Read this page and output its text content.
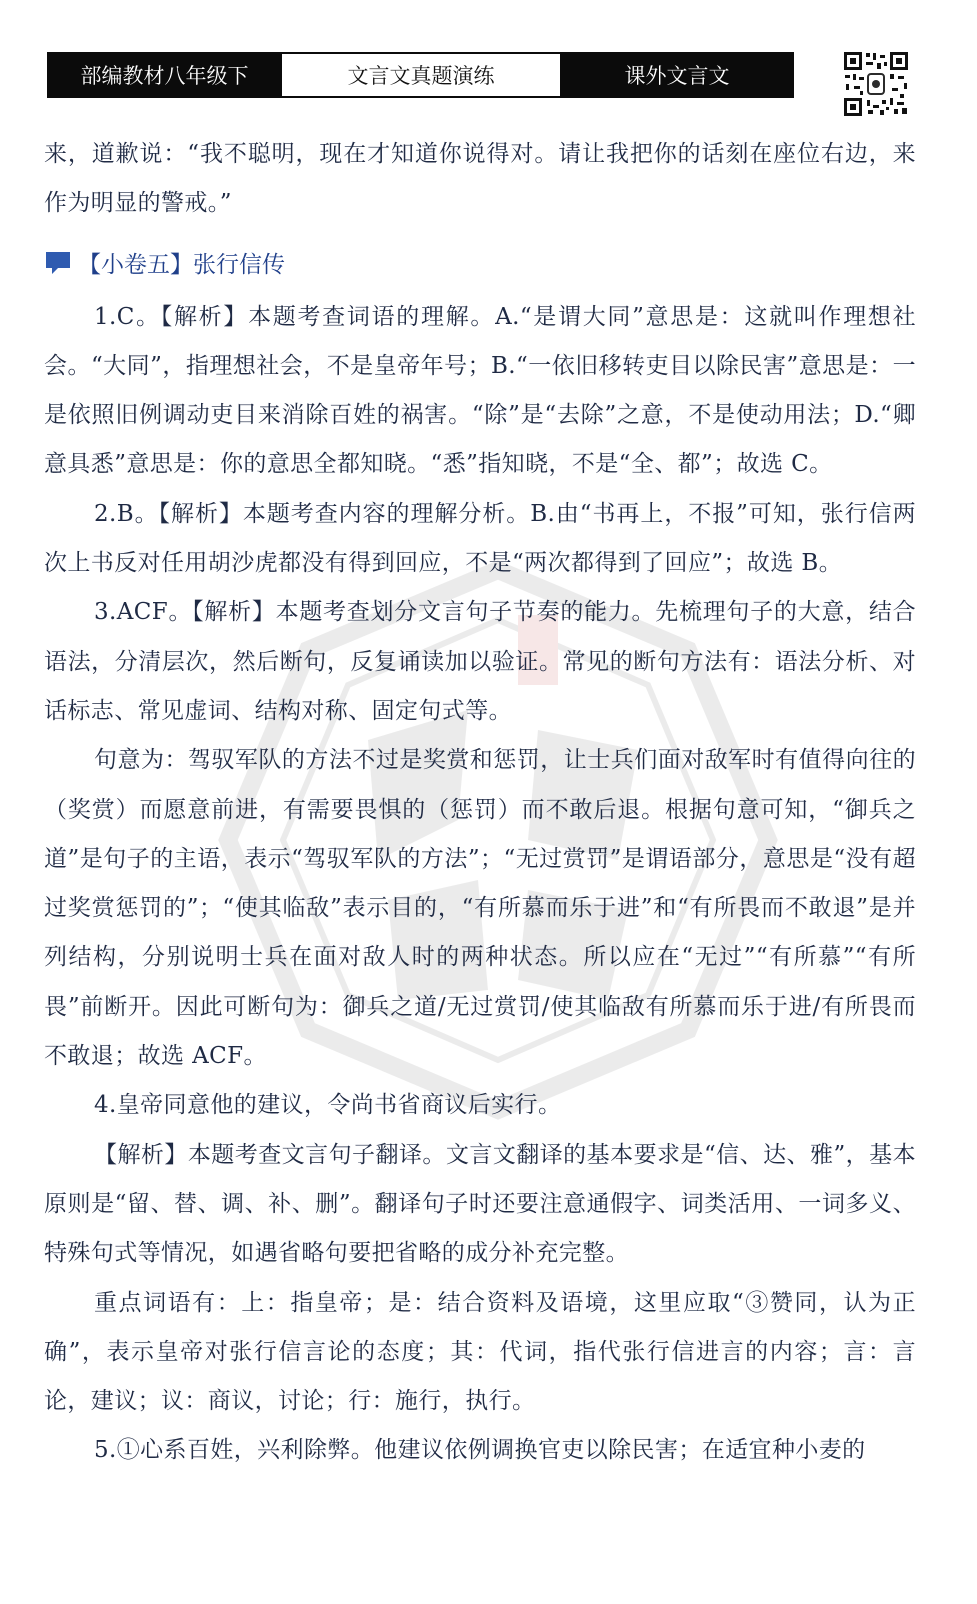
部编教材八年级下	文言文真题演练	课外文言文

来，道歉说：“我不聪明，现在才知道你说得对。请让我把你的话刻在座位右边，来作为明显的警戒。”

【小卷五】张行信传

1.C。【解析】本题考查词语的理解。A.“是谓大同”意思是：这就叫作理想社会。“大同”，指理想社会，不是皇帝年号；B.“一依旧移转吏目以除民害”意思是：一是依照旧例调动吏目来消除百姓的祸害。“除”是“去除”之意，不是使动用法；D.“卿意具悉”意思是：你的意思全都知晓。“悉”指知晓，不是“全、都”；故选 C。

2.B。【解析】本题考查内容的理解分析。B.由“书再上，不报”可知，张行信两次上书反对任用胡沙虎都没有得到回应，不是“两次都得到了回应”；故选 B。

3.ACF。【解析】本题考查划分文言句子节奏的能力。先梳理句子的大意，结合语法，分清层次，然后断句，反复诵读加以验证。常见的断句方法有：语法分析、对话标志、常见虚词、结构对称、固定句式等。

句意为：驾驭军队的方法不过是奖赏和惩罚，让士兵们面对敌军时有值得向往的（奖赏）而愿意前进，有需要畏惧的（惩罚）而不敢后退。根据句意可知，“御兵之道”是句子的主语，表示“驾驭军队的方法”；“无过赏罚”是谓语部分，意思是“没有超过奖赏惩罚的”；“使其临敌”表示目的，“有所慕而乐于进”和“有所畏而不敢退”是并列结构，分别说明士兵在面对敌人时的两种状态。所以应在“无过”“有所慕”“有所畏”前断开。因此可断句为：御兵之道/无过赏罚/使其临敌有所慕而乐于进/有所畏而不敢退；故选 ACF。

4.皇帝同意他的建议，令尚书省商议后实行。

【解析】本题考查文言句子翻译。文言文翻译的基本要求是“信、达、雅”，基本原则是“留、替、调、补、删”。翻译句子时还要注意通假字、词类活用、一词多义、特殊句式等情况，如遇省略句要把省略的成分补充完整。

重点词语有：上：指皇帝；是：结合资料及语境，这里应取“③赞同，认为正确”，表示皇帝对张行信言论的态度；其：代词，指代张行信进言的内容；言：言论，建议；议：商议，讨论；行：施行，执行。

5.①心系百姓，兴利除弊。他建议依例调换官吏以除民害；在适宜种小麦的
